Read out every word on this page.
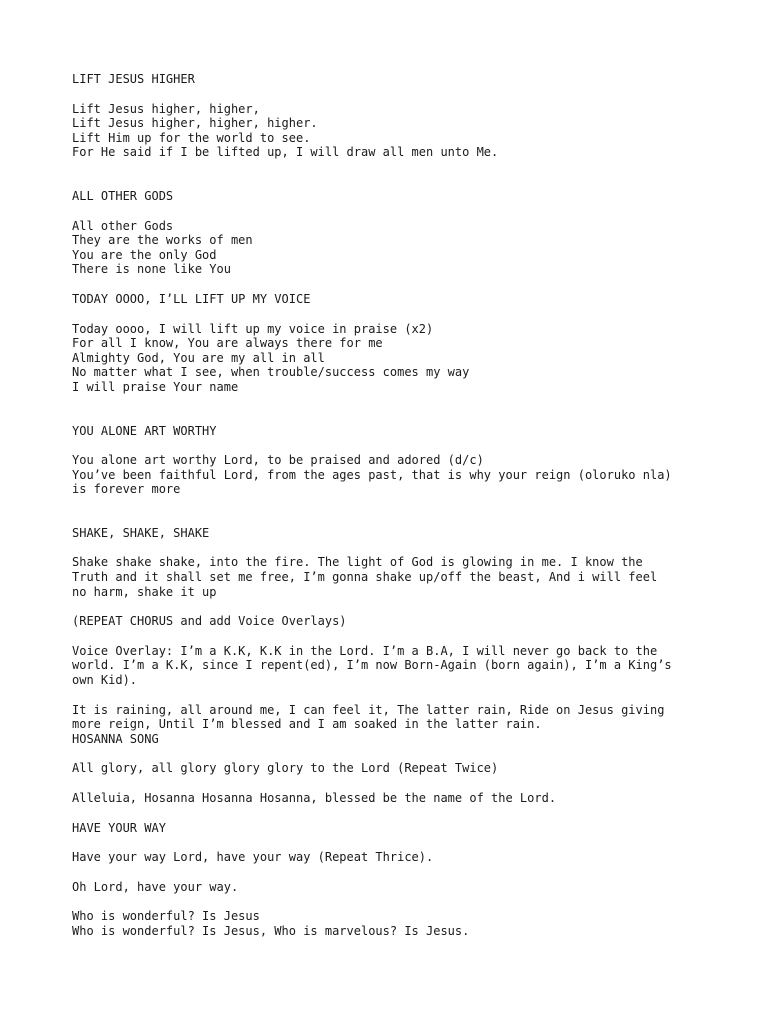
LIFT JESUS HIGHER
Lift Jesus higher, higher,
Lift Jesus higher, higher, higher.
Lift Him up for the world to see.
For He said if I be lifted up, I will draw all men unto Me.
ALL OTHER GODS
All other Gods
They are the works of men
You are the only God
There is none like You
TODAY OOOO, I’LL LIFT UP MY VOICE
Today oooo, I will lift up my voice in praise (x2)
For all I know, You are always there for me
Almighty God, You are my all in all
No matter what I see, when trouble/success comes my way
I will praise Your name
YOU ALONE ART WORTHY
You alone art worthy Lord, to be praised and adored (d/c)
You’ve been faithful Lord, from the ages past, that is why your reign (oloruko nla)
is forever more
SHAKE, SHAKE, SHAKE
Shake shake shake, into the fire. The light of God is glowing in me. I know the
Truth and it shall set me free, I’m gonna shake up/off the beast, And i will feel
no harm, shake it up
(REPEAT CHORUS and add Voice Overlays)
Voice Overlay: I’m a K.K, K.K in the Lord. I’m a B.A, I will never go back to the
world. I’m a K.K, since I repent(ed), I’m now Born-Again (born again), I’m a King’s
own Kid).
It is raining, all around me, I can feel it, The latter rain, Ride on Jesus giving
more reign, Until I’m blessed and I am soaked in the latter rain.
HOSANNA SONG
All glory, all glory glory glory to the Lord (Repeat Twice)
Alleluia, Hosanna Hosanna Hosanna, blessed be the name of the Lord.
HAVE YOUR WAY
Have your way Lord, have your way (Repeat Thrice).
Oh Lord, have your way.
Who is wonderful? Is Jesus
Who is wonderful? Is Jesus, Who is marvelous? Is Jesus.
